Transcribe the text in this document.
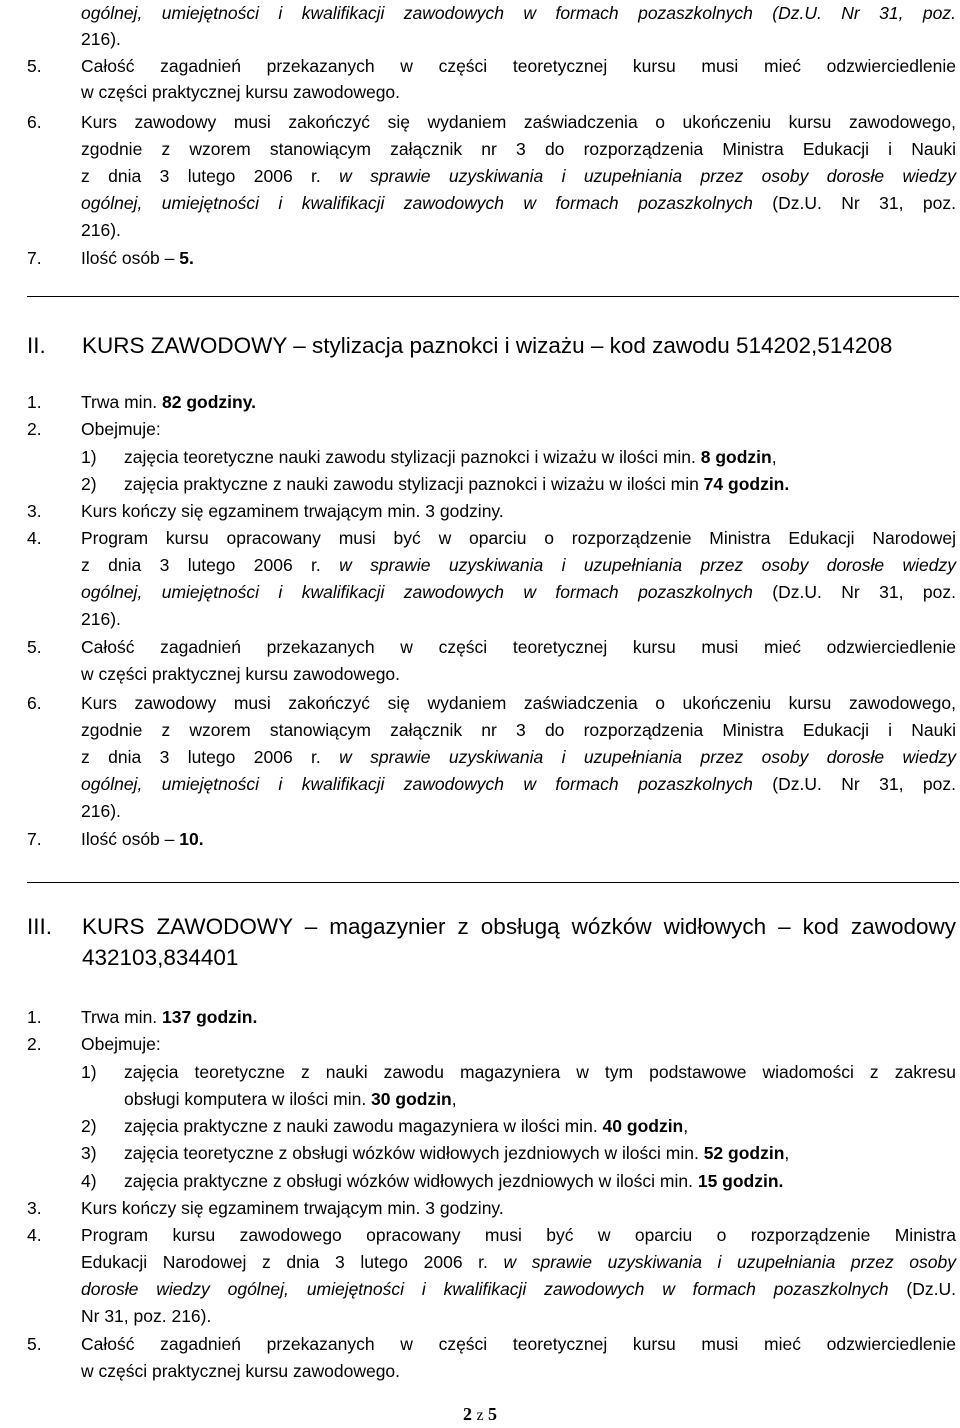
ogólnej, umiejętności i kwalifikacji zawodowych w formach pozaszkolnych (Dz.U. Nr 31, poz.
216).
5. Całość zagadnień przekazanych w części teoretycznej kursu musi mieć odzwierciedlenie
w części praktycznej kursu zawodowego.
6. Kurs zawodowy musi zakończyć się wydaniem zaświadczenia o ukończeniu kursu zawodowego,
zgodnie z wzorem stanowiącym załącznik nr 3 do rozporządzenia Ministra Edukacji i Nauki
z dnia 3 lutego 2006 r. w sprawie uzyskiwania i uzupełniania przez osoby dorosłe wiedzy
ogólnej, umiejętności i kwalifikacji zawodowych w formach pozaszkolnych (Dz.U. Nr 31, poz.
216).
7. Ilość osób – 5.
II. KURS ZAWODOWY – stylizacja paznokci i wizażu – kod zawodu 514202,514208
1. Trwa min. 82 godziny.
2. Obejmuje:
1) zajęcia teoretyczne nauki zawodu stylizacji paznokci i wizażu w ilości min. 8 godzin,
2) zajęcia praktyczne z nauki zawodu stylizacji paznokci i wizażu w ilości min 74 godzin.
3. Kurs kończy się egzaminem trwającym min. 3 godziny.
4. Program kursu opracowany musi być w oparciu o rozporządzenie Ministra Edukacji Narodowej
z dnia 3 lutego 2006 r. w sprawie uzyskiwania i uzupełniania przez osoby dorosłe wiedzy
ogólnej, umiejętności i kwalifikacji zawodowych w formach pozaszkolnych (Dz.U. Nr 31, poz.
216).
5. Całość zagadnień przekazanych w części teoretycznej kursu musi mieć odzwierciedlenie
w części praktycznej kursu zawodowego.
6. Kurs zawodowy musi zakończyć się wydaniem zaświadczenia o ukończeniu kursu zawodowego,
zgodnie z wzorem stanowiącym załącznik nr 3 do rozporządzenia Ministra Edukacji i Nauki
z dnia 3 lutego 2006 r. w sprawie uzyskiwania i uzupełniania przez osoby dorosłe wiedzy
ogólnej, umiejętności i kwalifikacji zawodowych w formach pozaszkolnych (Dz.U. Nr 31, poz.
216).
7. Ilość osób – 10.
III. KURS ZAWODOWY – magazynier z obsługą wózków widłowych – kod zawodowy
432103,834401
1. Trwa min. 137 godzin.
2. Obejmuje:
1) zajęcia teoretyczne z nauki zawodu magazyniera w tym podstawowe wiadomości z zakresu
obsługi komputera w ilości min. 30 godzin,
2) zajęcia praktyczne z nauki zawodu magazyniera w ilości min. 40 godzin,
3) zajęcia teoretyczne z obsługi wózków widłowych jezdniowych w ilości min. 52 godzin,
4) zajęcia praktyczne z obsługi wózków widłowych jezdniowych w ilości min. 15 godzin.
3. Kurs kończy się egzaminem trwającym min. 3 godziny.
4. Program kursu zawodowego opracowany musi być w oparciu o rozporządzenie Ministra
Edukacji Narodowej z dnia 3 lutego 2006 r. w sprawie uzyskiwania i uzupełniania przez osoby
dorosłe wiedzy ogólnej, umiejętności i kwalifikacji zawodowych w formach pozaszkolnych (Dz.U.
Nr 31, poz. 216).
5. Całość zagadnień przekazanych w części teoretycznej kursu musi mieć odzwierciedlenie
w części praktycznej kursu zawodowego.
2 z 5
